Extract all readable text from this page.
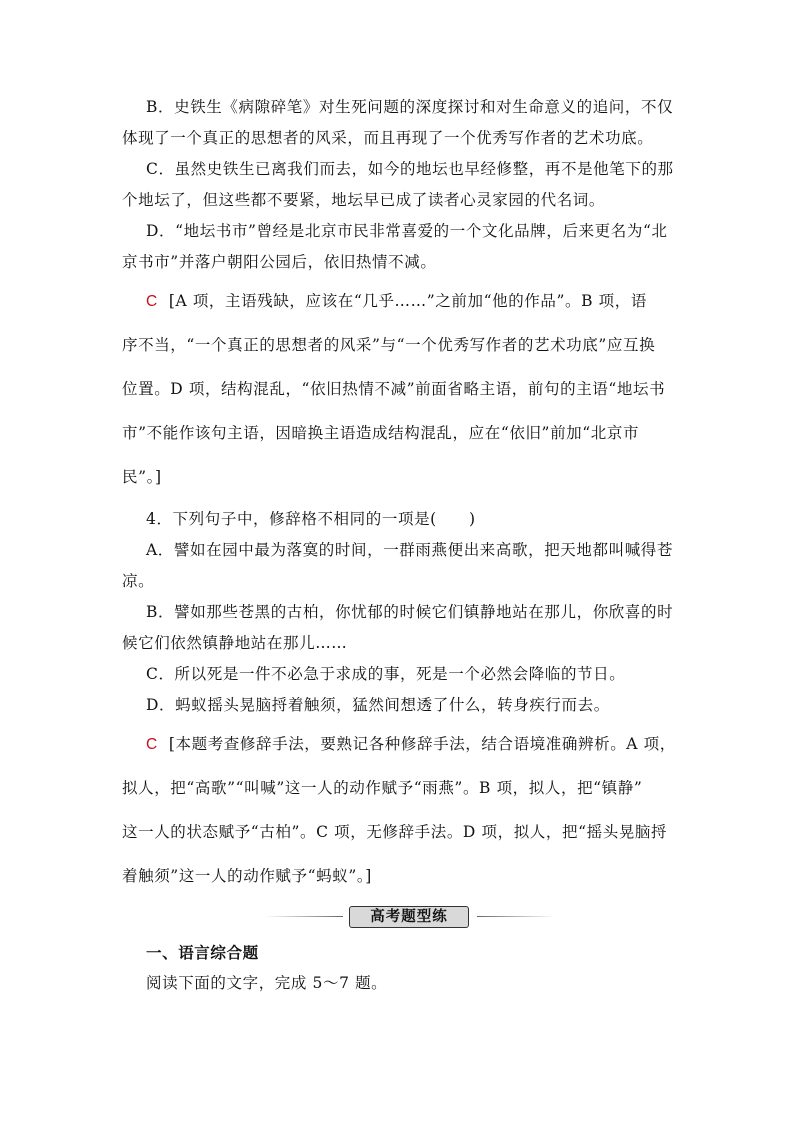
B．史铁生《病隙碎笔》对生死问题的深度探讨和对生命意义的追问，不仅
体现了一个真正的思想者的风采，而且再现了一个优秀写作者的艺术功底。
C．虽然史铁生已离我们而去，如今的地坛也早经修整，再不是他笔下的那
个地坛了，但这些都不要紧，地坛早已成了读者心灵家园的代名词。
D．“地坛书市”曾经是北京市民非常喜爱的一个文化品牌，后来更名为“北
京书市”并落户朝阳公园后，依旧热情不减。
C [A 项，主语残缺，应该在“几乎……”之前加“他的作品”。B 项，语
序不当，“一个真正的思想者的风采”与“一个优秀写作者的艺术功底”应互换
位置。D 项，结构混乱，“依旧热情不减”前面省略主语，前句的主语“地坛书
市”不能作该句主语，因暗换主语造成结构混乱，应在“依旧”前加“北京市
民”。]
4．下列句子中，修辞格不相同的一项是(　　)
A．譬如在园中最为落寞的时间，一群雨燕便出来高歌，把天地都叫喊得苍
凉。
B．譬如那些苍黑的古柏，你忧郁的时候它们镇静地站在那儿，你欣喜的时
候它们依然镇静地站在那儿……
C．所以死是一件不必急于求成的事，死是一个必然会降临的节日。
D．蚂蚁摇头晃脑捋着触须，猛然间想透了什么，转身疾行而去。
C [本题考查修辞手法，要熟记各种修辞手法，结合语境准确辨析。A 项，
拟人，把“高歌”“叫喊”这一人的动作赋予“雨燕”。B 项，拟人，把“镇静”
这一人的状态赋予“古柏”。C 项，无修辞手法。D 项，拟人，把“摇头晃脑捋
着触须”这一人的动作赋予“蚂蚁”。]
高考题型练
一、语言综合题
阅读下面的文字，完成 5～7 题。
